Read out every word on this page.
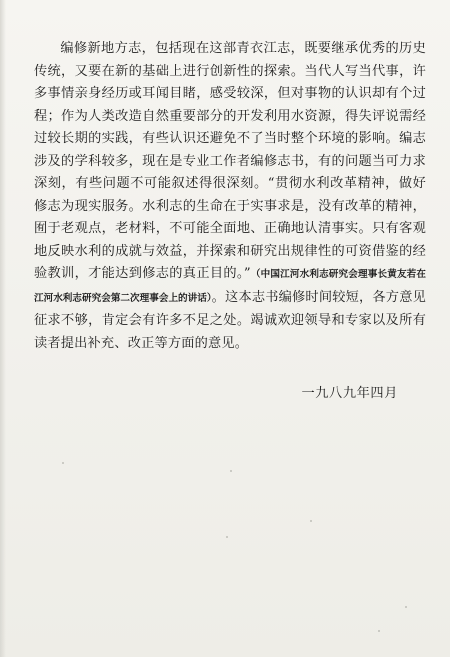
编修新地方志，包括现在这部青衣江志，既要继承优秀的历史传统，又要在新的基础上进行创新性的探索。当代人写当代事，许多事情亲身经历或耳闻目睹，感受较深，但对事物的认识却有个过程；作为人类改造自然重要部分的开发利用水资源，得失评说需经过较长期的实践，有些认识还避免不了当时整个环境的影响。编志涉及的学科较多，现在是专业工作者编修志书，有的问题当可力求深刻，有些问题不可能叙述得很深刻。“贯彻水利改革精神，做好修志为现实服务。水利志的生命在于实事求是，没有改革的精神，囿于老观点，老材料，不可能全面地、正确地认清事实。只有客观地反映水利的成就与效益，并探索和研究出规律性的可资借鉴的经验教训，才能达到修志的真正目的。”（中国江河水利志研究会理事长黄友若在江河水利志研究会第二次理事会上的讲话）。这本志书编修时间较短，各方意见征求不够，肯定会有许多不足之处。竭诚欢迎领导和专家以及所有读者提出补充、改正等方面的意见。

一九八九年四月
